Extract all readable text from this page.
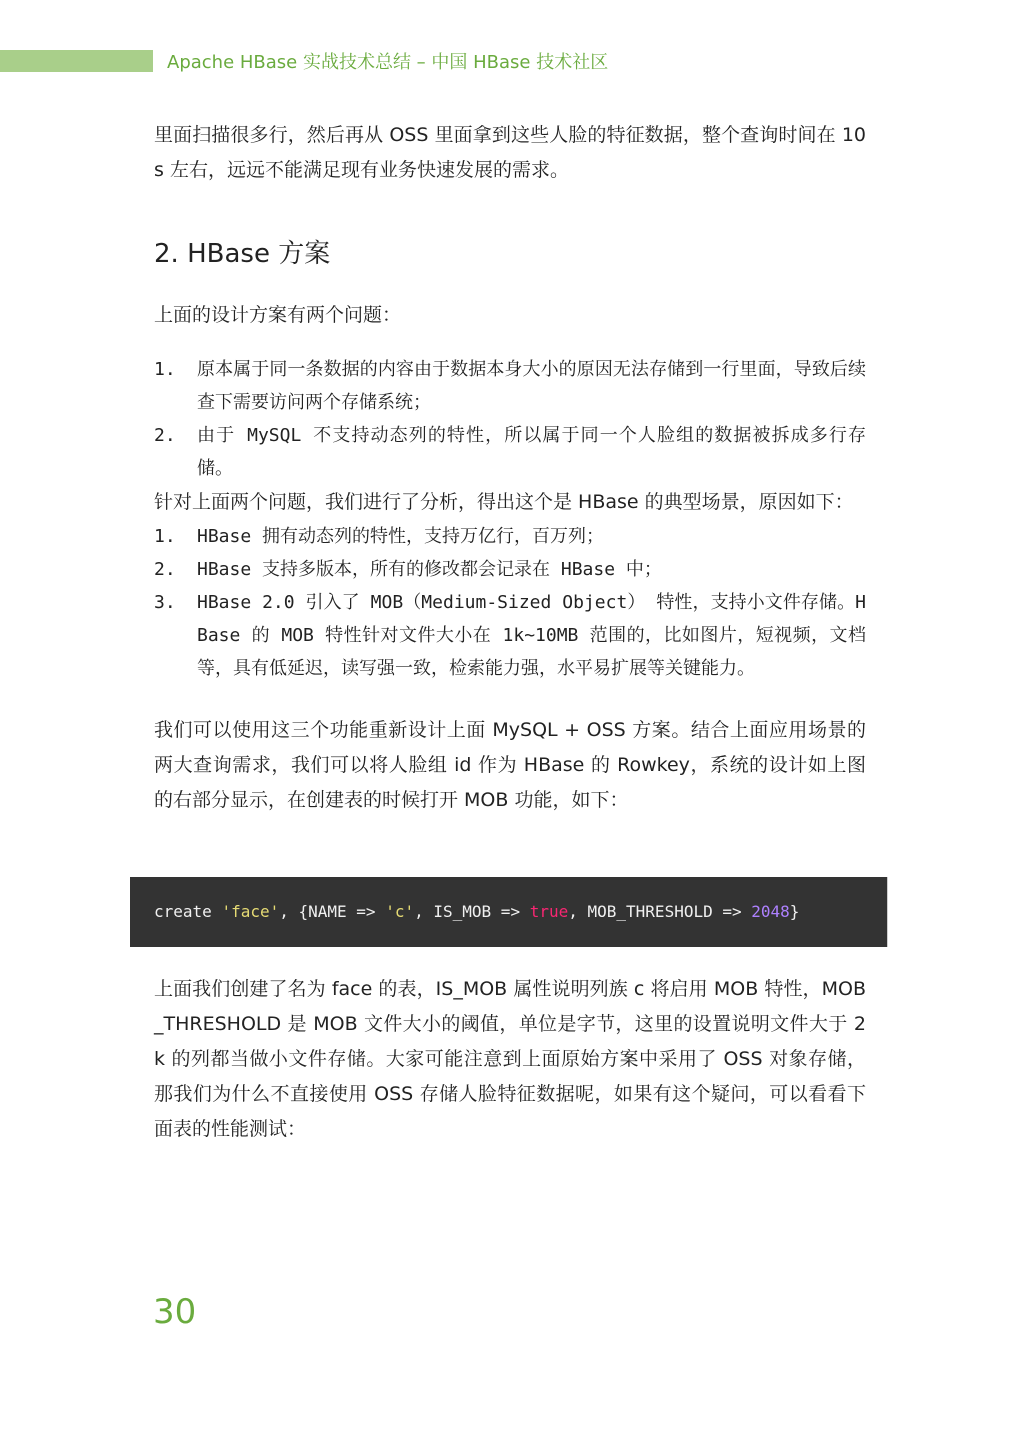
Apache HBase 实战技术总结 – 中国 HBase 技术社区

里面扫描很多行，然后再从 OSS 里面拿到这些人脸的特征数据，整个查询时间在 10s 左右，远远不能满足现有业务快速发展的需求。

2. HBase 方案

上面的设计方案有两个问题：

1. 原本属于同一条数据的内容由于数据本身大小的原因无法存储到一行里面，导致后续查下需要访问两个存储系统；
2. 由于 MySQL 不支持动态列的特性，所以属于同一个人脸组的数据被拆成多行存储。

针对上面两个问题，我们进行了分析，得出这个是 HBase 的典型场景，原因如下：

1. HBase 拥有动态列的特性，支持万亿行，百万列；
2. HBase 支持多版本，所有的修改都会记录在 HBase 中；
3. HBase 2.0 引入了 MOB（Medium-Sized Object） 特性，支持小文件存储。HBase 的 MOB 特性针对文件大小在 1k~10MB 范围的，比如图片，短视频，文档等，具有低延迟，读写强一致，检索能力强，水平易扩展等关键能力。

我们可以使用这三个功能重新设计上面 MySQL + OSS 方案。结合上面应用场景的两大查询需求，我们可以将人脸组 id 作为 HBase 的 Rowkey，系统的设计如上图的右部分显示，在创建表的时候打开 MOB 功能，如下：

create 'face', {NAME => 'c', IS_MOB => true, MOB_THRESHOLD => 2048}

上面我们创建了名为 face 的表，IS_MOB 属性说明列族 c 将启用 MOB 特性，MOB_THRESHOLD 是 MOB 文件大小的阈值，单位是字节，这里的设置说明文件大于 2k 的列都当做小文件存储。大家可能注意到上面原始方案中采用了 OSS 对象存储，那我们为什么不直接使用 OSS 存储人脸特征数据呢，如果有这个疑问，可以看看下面表的性能测试：

30
